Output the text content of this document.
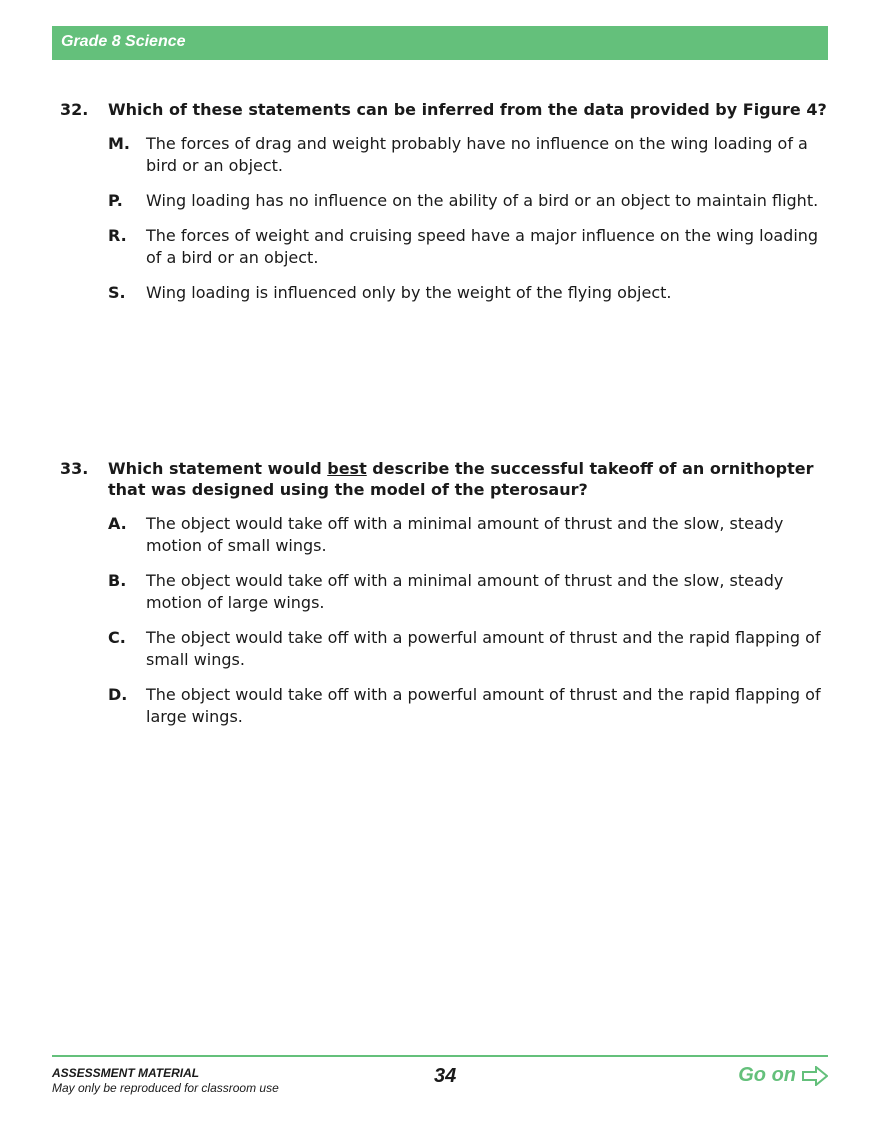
Grade 8 Science
32. Which of these statements can be inferred from the data provided by Figure 4?
M. The forces of drag and weight probably have no influence on the wing loading of a bird or an object.
P. Wing loading has no influence on the ability of a bird or an object to maintain flight.
R. The forces of weight and cruising speed have a major influence on the wing loading of a bird or an object.
S. Wing loading is influenced only by the weight of the flying object.
33. Which statement would best describe the successful takeoff of an ornithopter that was designed using the model of the pterosaur?
A. The object would take off with a minimal amount of thrust and the slow, steady motion of small wings.
B. The object would take off with a minimal amount of thrust and the slow, steady motion of large wings.
C. The object would take off with a powerful amount of thrust and the rapid flapping of small wings.
D. The object would take off with a powerful amount of thrust and the rapid flapping of large wings.
ASSESSMENT MATERIAL
May only be reproduced for classroom use
34	Go on
